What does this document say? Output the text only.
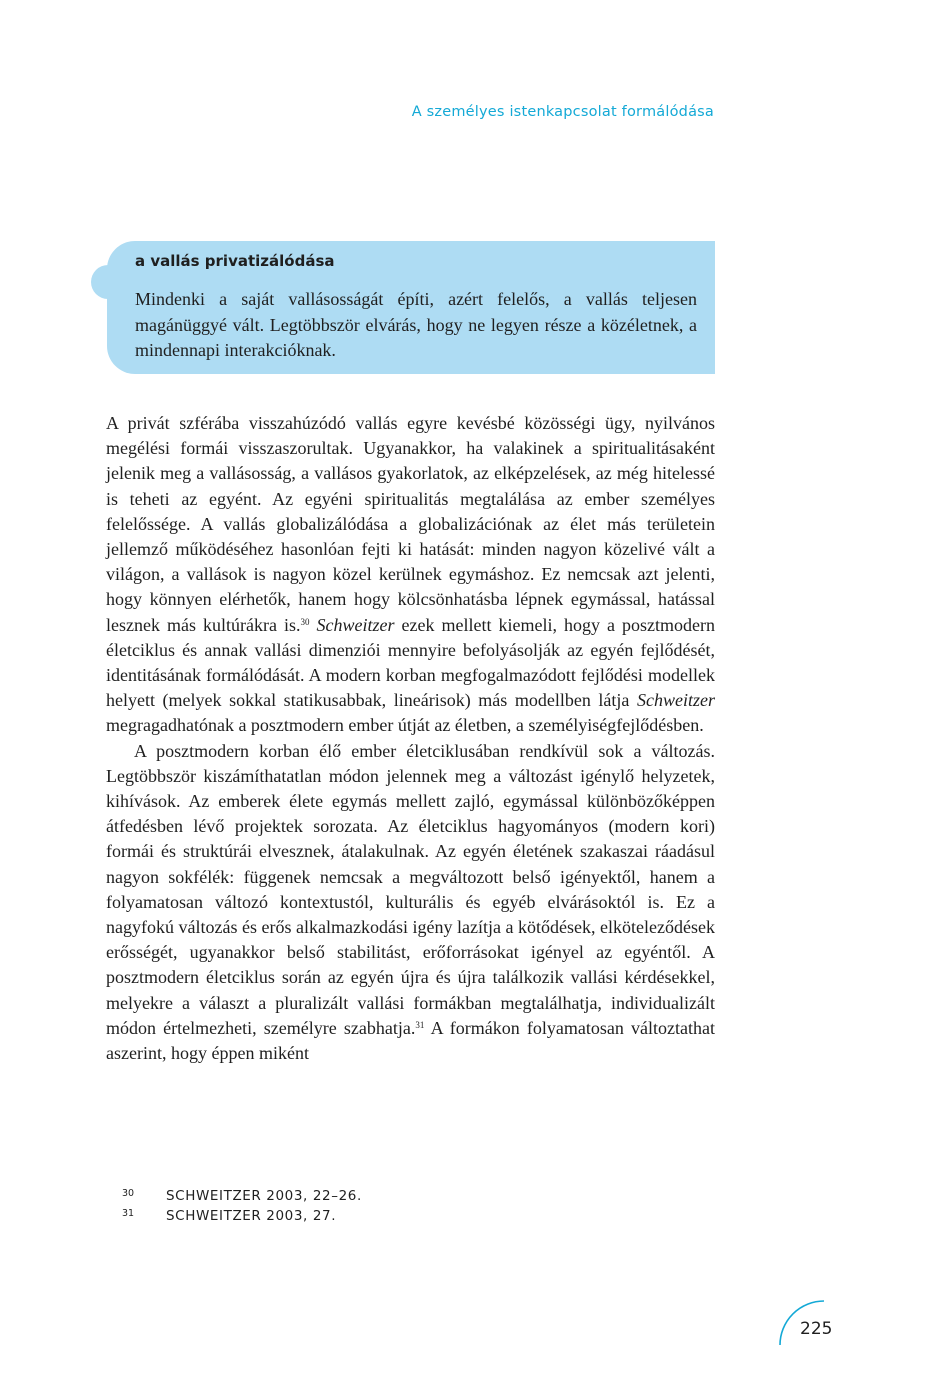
A személyes istenkapcsolat formálódása
a vallás privatizálódása
Mindenki a saját vallásosságát építi, azért felelős, a vallás teljesen magánüggyé vált. Legtöbbször elvárás, hogy ne legyen része a közéletnek, a mindennapi interakcióknak.

A privát szférába visszahúzódó vallás egyre kevésbé közösségi ügy, nyilvános megélési formái visszaszorultak. Ugyanakkor, ha valakinek a spiritualitásaként jelenik meg a vallásosság, a vallásos gyakorlatok, az elképzelések, az még hitelessé is teheti az egyént. Az egyéni spiritualitás megtalálása az ember személyes felelőssége. A vallás globalizálódása a globalizációnak az élet más területein jellemző működéséhez hasonlóan fejti ki hatását: minden nagyon közelivé vált a világon, a vallások is nagyon közel kerülnek egymáshoz. Ez nemcsak azt jelenti, hogy könnyen elérhetők, hanem hogy kölcsönhatásba lépnek egymással, hatással lesznek más kultúrákra is.$^{30}$ Schweitzer ezek mellett kiemeli, hogy a posztmodern életciklus és annak vallási dimenziói mennyire befolyásolják az egyén fejlődését, identitásának formálódását. A modern korban megfogalmazódott fejlődési modellek helyett (melyek sokkal statikusabbak, lineárisok) más modellben látja Schweitzer megragadhatónak a posztmodern ember útját az életben, a személyiségfejlődésben.

A posztmodern korban élő ember életciklusában rendkívül sok a változás. Legtöbbször kiszámíthatatlan módon jelennek meg a változást igénylő helyzetek, kihívások. Az emberek élete egymás mellett zajló, egymással különbözőképpen átfedésben lévő projektek sorozata. Az életciklus hagyományos (modern kori) formái és struktúrái elvesznek, átalakulnak. Az egyén életének szakaszai ráadásul nagyon sokfélék: függenek nemcsak a megváltozott belső igényektől, hanem a folyamatosan változó kontextustól, kulturális és egyéb elvárásoktól is. Ez a nagyfokú változás és erős alkalmazkodási igény lazítja a kötődések, elköteleződések erősségét, ugyanakkor belső stabilitást, erőforrásokat igényel az egyéntől. A posztmodern életciklus során az egyén újra és újra találkozik vallási kérdésekkel, melyekre a választ a pluralizált vallási formákban megtalálhatja, individualizált módon értelmezheti, személyre szabhatja.$^{31}$ A formákon folyamatosan változtathat aszerint, hogy éppen miként

30	SCHWEITZER 2003, 22–26.
31	SCHWEITZER 2003, 27.
225
